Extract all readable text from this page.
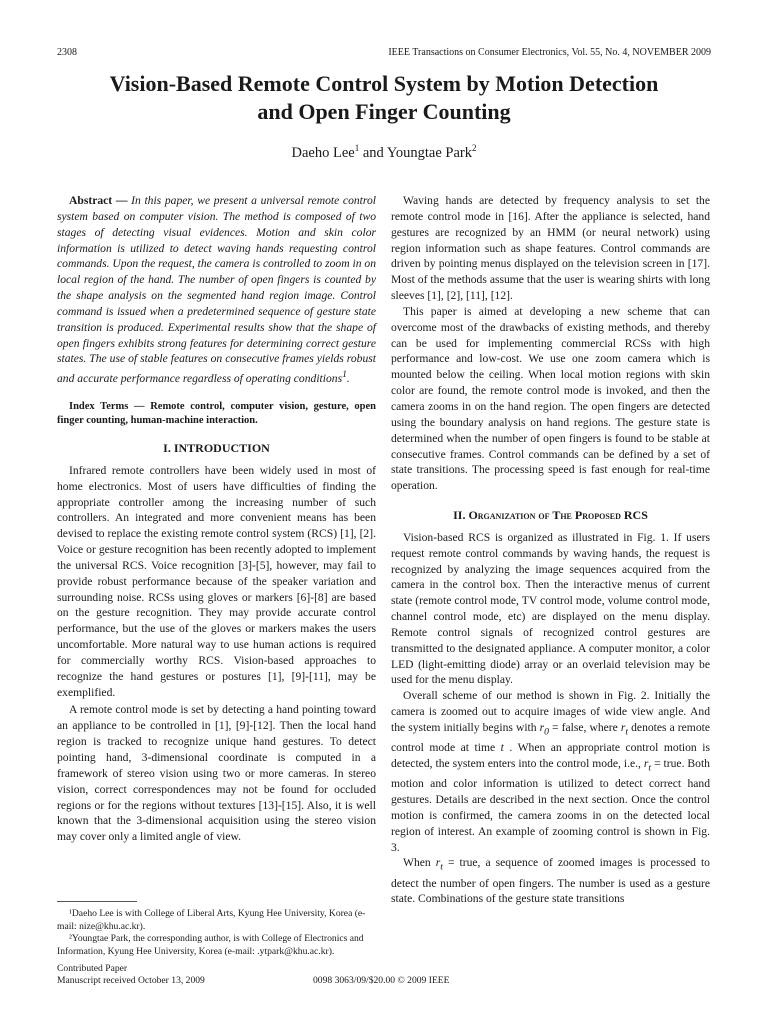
2308	IEEE Transactions on Consumer Electronics, Vol. 55, No. 4, NOVEMBER 2009
Vision-Based Remote Control System by Motion Detection
and Open Finger Counting
Daeho Lee$^1$ and Youngtae Park$^2$

Abstract — In this paper, we present a universal remote control system based on computer vision. The method is composed of two stages of detecting visual evidences. Motion and skin color information is utilized to detect waving hands requesting control commands. Upon the request, the camera is controlled to zoom in on local region of the hand. The number of open fingers is counted by the shape analysis on the segmented hand region image. Control command is issued when a predetermined sequence of gesture state transition is produced. Experimental results show that the shape of open fingers exhibits strong features for determining correct gesture states. The use of stable features on consecutive frames yields robust and accurate performance regardless of operating conditions$^1$.

Index Terms — Remote control, computer vision, gesture, open finger counting, human-machine interaction.

I. INTRODUCTION

Infrared remote controllers have been widely used in most of home electronics. Most of users have difficulties of finding the appropriate controller among the increasing number of such controllers. An integrated and more convenient means has been devised to replace the existing remote control system (RCS) [1], [2]. Voice or gesture recognition has been recently adopted to implement the universal RCS. Voice recognition [3]-[5], however, may fail to provide robust performance because of the speaker variation and surrounding noise. RCSs using gloves or markers [6]-[8] are based on the gesture recognition. They may provide accurate control performance, but the use of the gloves or markers makes the users uncomfortable. More natural way to use human actions is required for commercially worthy RCS. Vision-based approaches to recognize the hand gestures or postures [1], [9]-[11], may be exemplified.

A remote control mode is set by detecting a hand pointing toward an appliance to be controlled in [1], [9]-[12]. Then the local hand region is tracked to recognize unique hand gestures. To detect pointing hand, 3-dimensional coordinate is computed in a framework of stereo vision using two or more cameras. In stereo vision, correct correspondences may not be found for occluded regions or for the regions without textures [13]-[15]. Also, it is well known that the 3-dimensional acquisition using the stereo vision may cover only a limited angle of view.

Waving hands are detected by frequency analysis to set the remote control mode in [16]. After the appliance is selected, hand gestures are recognized by an HMM (or neural network) using region information such as shape features. Control commands are driven by pointing menus displayed on the television screen in [17]. Most of the methods assume that the user is wearing shirts with long sleeves [1], [2], [11], [12].

This paper is aimed at developing a new scheme that can overcome most of the drawbacks of existing methods, and thereby can be used for implementing commercial RCSs with high performance and low-cost. We use one zoom camera which is mounted below the ceiling. When local motion regions with skin color are found, the remote control mode is invoked, and then the camera zooms in on the hand region. The open fingers are detected using the boundary analysis on hand regions. The gesture state is determined when the number of open fingers is found to be stable at consecutive frames. Control commands can be defined by a set of state transitions. The processing speed is fast enough for real-time operation.

II. Organization of The Proposed RCS

Vision-based RCS is organized as illustrated in Fig. 1. If users request remote control commands by waving hands, the request is recognized by analyzing the image sequences acquired from the camera in the control box. Then the interactive menus of current state (remote control mode, TV control mode, volume control mode, channel control mode, etc) are displayed on the menu display. Remote control signals of recognized control gestures are transmitted to the designated appliance. A computer monitor, a color LED (light-emitting diode) array or an overlaid television may be used for the menu display.

Overall scheme of our method is shown in Fig. 2. Initially the camera is zoomed out to acquire images of wide view angle. And the system initially begins with $r_0$ = false, where $r_t$ denotes a remote control mode at time t . When an appropriate control motion is detected, the system enters into the control mode, i.e., $r_t$ = true. Both motion and color information is utilized to detect correct hand gestures. Details are described in the next section. Once the control motion is confirmed, the camera zooms in on the detected local region of interest. An example of zooming control is shown in Fig. 3.

When $r_t$ = true, a sequence of zoomed images is processed to detect the number of open fingers. The number is used as a gesture state. Combinations of the gesture state transitions

¹Daeho Lee is with College of Liberal Arts, Kyung Hee University, Korea (e-mail: nize@khu.ac.kr).

²Youngtae Park, the corresponding author, is with College of Electronics and Information, Kyung Hee University, Korea (e-mail: .ytpark@khu.ac.kr).

Contributed Paper
Manuscript received October 13, 2009	0098 3063/09/$20.00 © 2009 IEEE
